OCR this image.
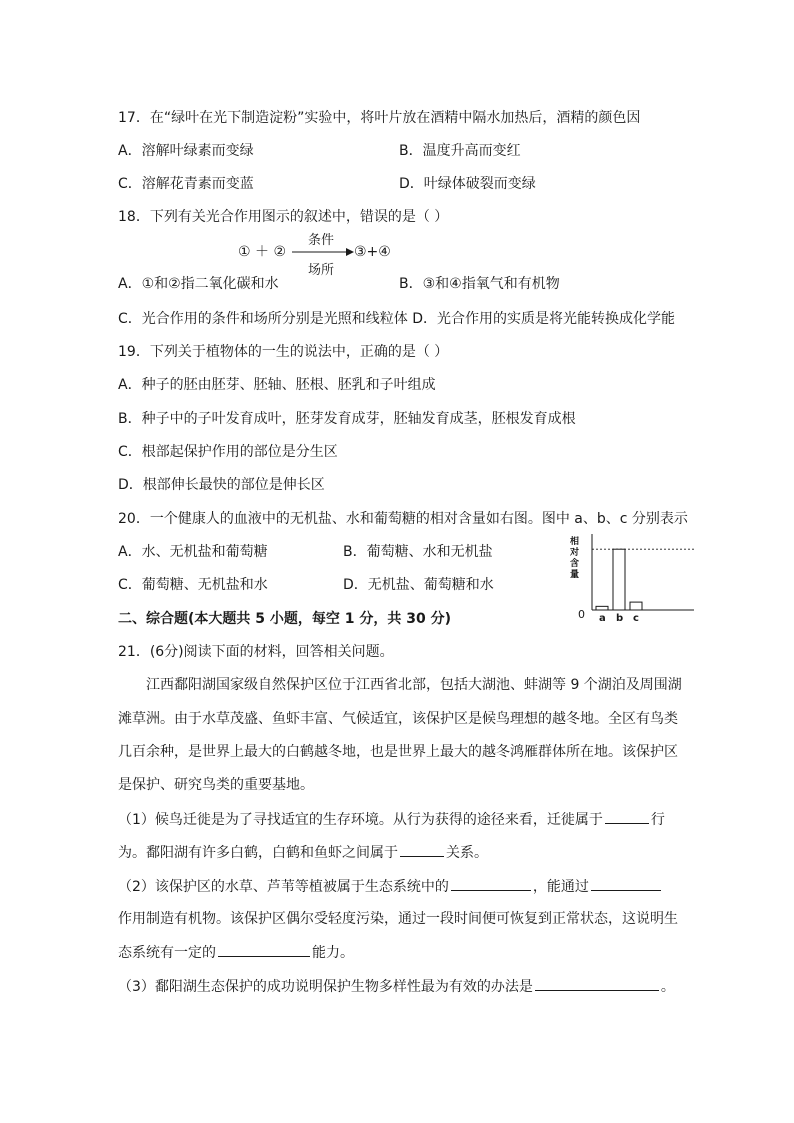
17．在“绿叶在光下制造淀粉”实验中，将叶片放在酒精中隔水加热后，酒精的颜色因
A．溶解叶绿素而变绿	B．温度升高而变红
C．溶解花青素而变蓝	D．叶绿体破裂而变绿
18．下列有关光合作用图示的叙述中，错误的是（ ）
① ＋ ②
条件
场所
③+④
A．①和②指二氧化碳和水	B．③和④指氧气和有机物
C．光合作用的条件和场所分别是光照和线粒体 D．光合作用的实质是将光能转换成化学能
19．下列关于植物体的一生的说法中，正确的是（ ）
A．种子的胚由胚芽、胚轴、胚根、胚乳和子叶组成
B．种子中的子叶发育成叶，胚芽发育成芽，胚轴发育成茎，胚根发育成根
C．根部起保护作用的部位是分生区
D．根部伸长最快的部位是伸长区
20．一个健康人的血液中的无机盐、水和葡萄糖的相对含量如右图。图中 a、b、c 分别表示
A．水、无机盐和葡萄糖	B．葡萄糖、水和无机盐
C．葡萄糖、无机盐和水	D．无机盐、葡萄糖和水
相
对
含
量
0 a b c
二、综合题(本大题共 5 小题，每空 1 分，共 30 分)
21．(6分)阅读下面的材料，回答相关问题。
江西鄱阳湖国家级自然保护区位于江西省北部，包括大湖池、蚌湖等 9 个湖泊及周围湖
滩草洲。由于水草茂盛、鱼虾丰富、气候适宜，该保护区是候鸟理想的越冬地。全区有鸟类
几百余种，是世界上最大的白鹤越冬地，也是世界上最大的越冬鸿雁群体所在地。该保护区
是保护、研究鸟类的重要基地。
（1）候鸟迁徙是为了寻找适宜的生存环境。从行为获得的途径来看，迁徙属于	行
为。鄱阳湖有许多白鹤，白鹤和鱼虾之间属于	关系。
（2）该保护区的水草、芦苇等植被属于生态系统中的	，能通过
作用制造有机物。该保护区偶尔受轻度污染，通过一段时间便可恢复到正常状态，这说明生
态系统有一定的	能力。
（3）鄱阳湖生态保护的成功说明保护生物多样性最为有效的办法是	。
